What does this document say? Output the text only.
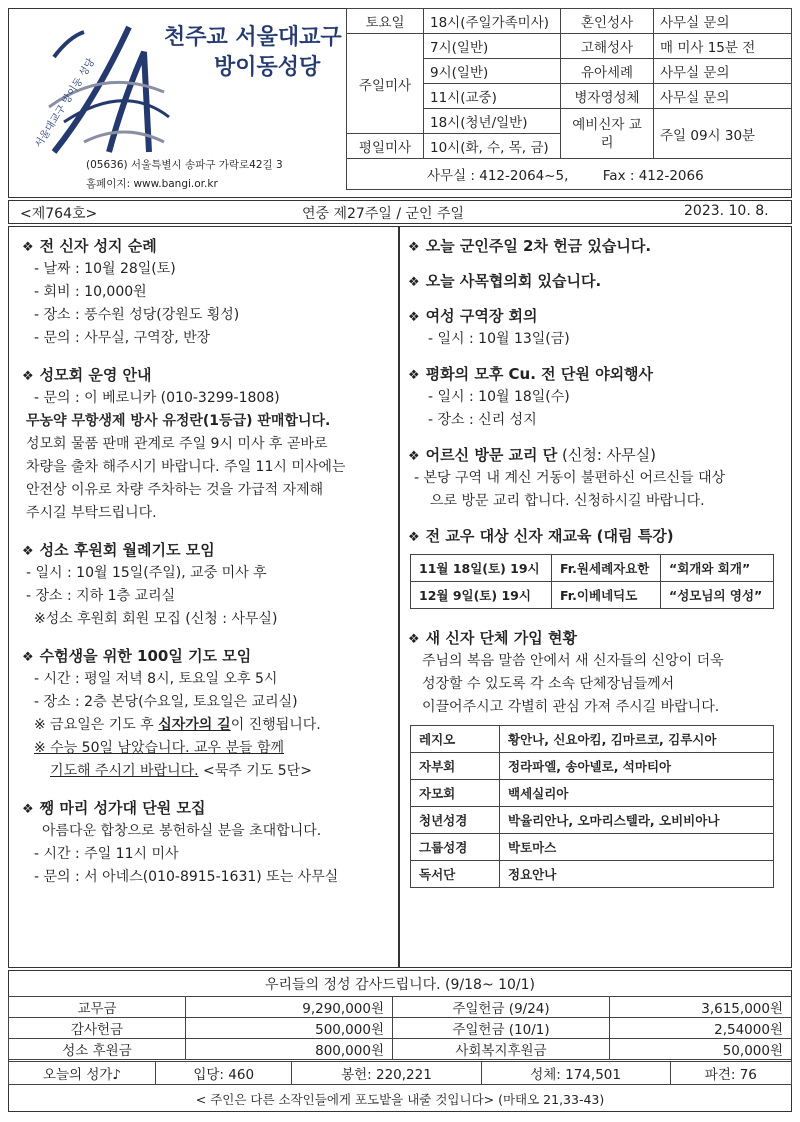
천주교 서울대교구
방이동성당
서울대교구 방이동 성당
(05636) 서울특별시 송파구 가락로42길 3
홈페이지: www.bangi.or.kr
토요일	18시(주일가족미사)	혼인성사	사무실 문의
주일미사	7시(일반)	고해성사	매 미사 15분 전
	9시(일반)	유아세례	사무실 문의
	11시(교중)	병자영성체	사무실 문의
	18시(청년/일반)	예비신자 교리	주일 09시 30분
평일미사	10시(화, 수, 목, 금)		
사무실 : 412-2064~5,        Fax : 412-2066			
<제764호>	연중 제27주일 / 군인 주일	2023. 10. 8.
❖ 전 신자 성지 순례
- 날짜 : 10월 28일(토)
- 회비 : 10,000원
- 장소 : 풍수원 성당(강원도 횡성)
- 문의 : 사무실, 구역장, 반장
❖ 성모회 운영 안내
- 문의 : 이 베로니카 (010-3299-1808)
무농약 무항생제 방사 유정란(1등급) 판매합니다.
성모회 물품 판매 관계로 주일 9시 미사 후 곧바로
차량을 출차 해주시기 바랍니다. 주일 11시 미사에는
안전상 이유로 차량 주차하는 것을 가급적 자제해
주시길 부탁드립니다.
❖ 성소 후원회 월례기도 모임
- 일시 : 10월 15일(주일), 교중 미사 후
- 장소 : 지하 1층 교리실
※성소 후원회 회원 모집 (신청 : 사무실)
❖ 수험생을 위한 100일 기도 모임
- 시간 : 평일 저녁 8시, 토요일 오후 5시
- 장소 : 2층 본당(수요일, 토요일은 교리실)
※ 금요일은 기도 후 십자가의 길이 진행됩니다.
※ 수능 50일 남았습니다. 교우 분들 함께
기도해 주시기 바랍니다. <묵주 기도 5단>
❖ 쨍 마리 성가대 단원 모집
아름다운 합창으로 봉헌하실 분을 초대합니다.
- 시간 : 주일 11시 미사
- 문의 : 서 아네스(010-8915-1631) 또는 사무실
❖ 오늘 군인주일 2차 헌금 있습니다.
❖ 오늘 사목협의회 있습니다.
❖ 여성 구역장 회의
- 일시 : 10월 13일(금)
❖ 평화의 모후 Cu. 전 단원 야외행사
- 일시 : 10월 18일(수)
- 장소 : 신리 성지
❖ 어르신 방문 교리 단 (신청: 사무실)
- 본당 구역 내 계신 거동이 불편하신 어르신들 대상
으로 방문 교리 합니다. 신청하시길 바랍니다.
❖ 전 교우 대상 신자 재교육 (대림 특강)
11월 18일(토) 19시	Fr.원세례자요한	“회개와 회개”
12월 9일(토) 19시	Fr.이베네딕도	“성모님의 영성”
❖ 새 신자 단체 가입 현황
주님의 복음 말씀 안에서 새 신자들의 신앙이 더욱
성장할 수 있도록 각 소속 단체장님들께서
이끌어주시고 각별히 관심 가져 주시길 바랍니다.
레지오	황안나, 신요아킴, 김마르코, 김루시아
자부회	정라파엘, 송아넬로, 석마티아
자모회	백세실리아
청년성경	박율리안나, 오마리스텔라, 오비비아나
그룹성경	박토마스
독서단	정요안나
우리들의 정성 감사드립니다. (9/18~ 10/1)
교무금	9,290,000원	주일헌금 (9/24)	3,615,000원
감사헌금	500,000원	주일헌금 (10/1)	2,54000원
성소 후원금	800,000원	사회복지후원금	50,000원
오늘의 성가♪	입당: 460	봉헌: 220,221	성체: 174,501	파견: 76
< 주인은 다른 소작인들에게 포도밭을 내줄 것입니다> (마태오 21,33-43)
